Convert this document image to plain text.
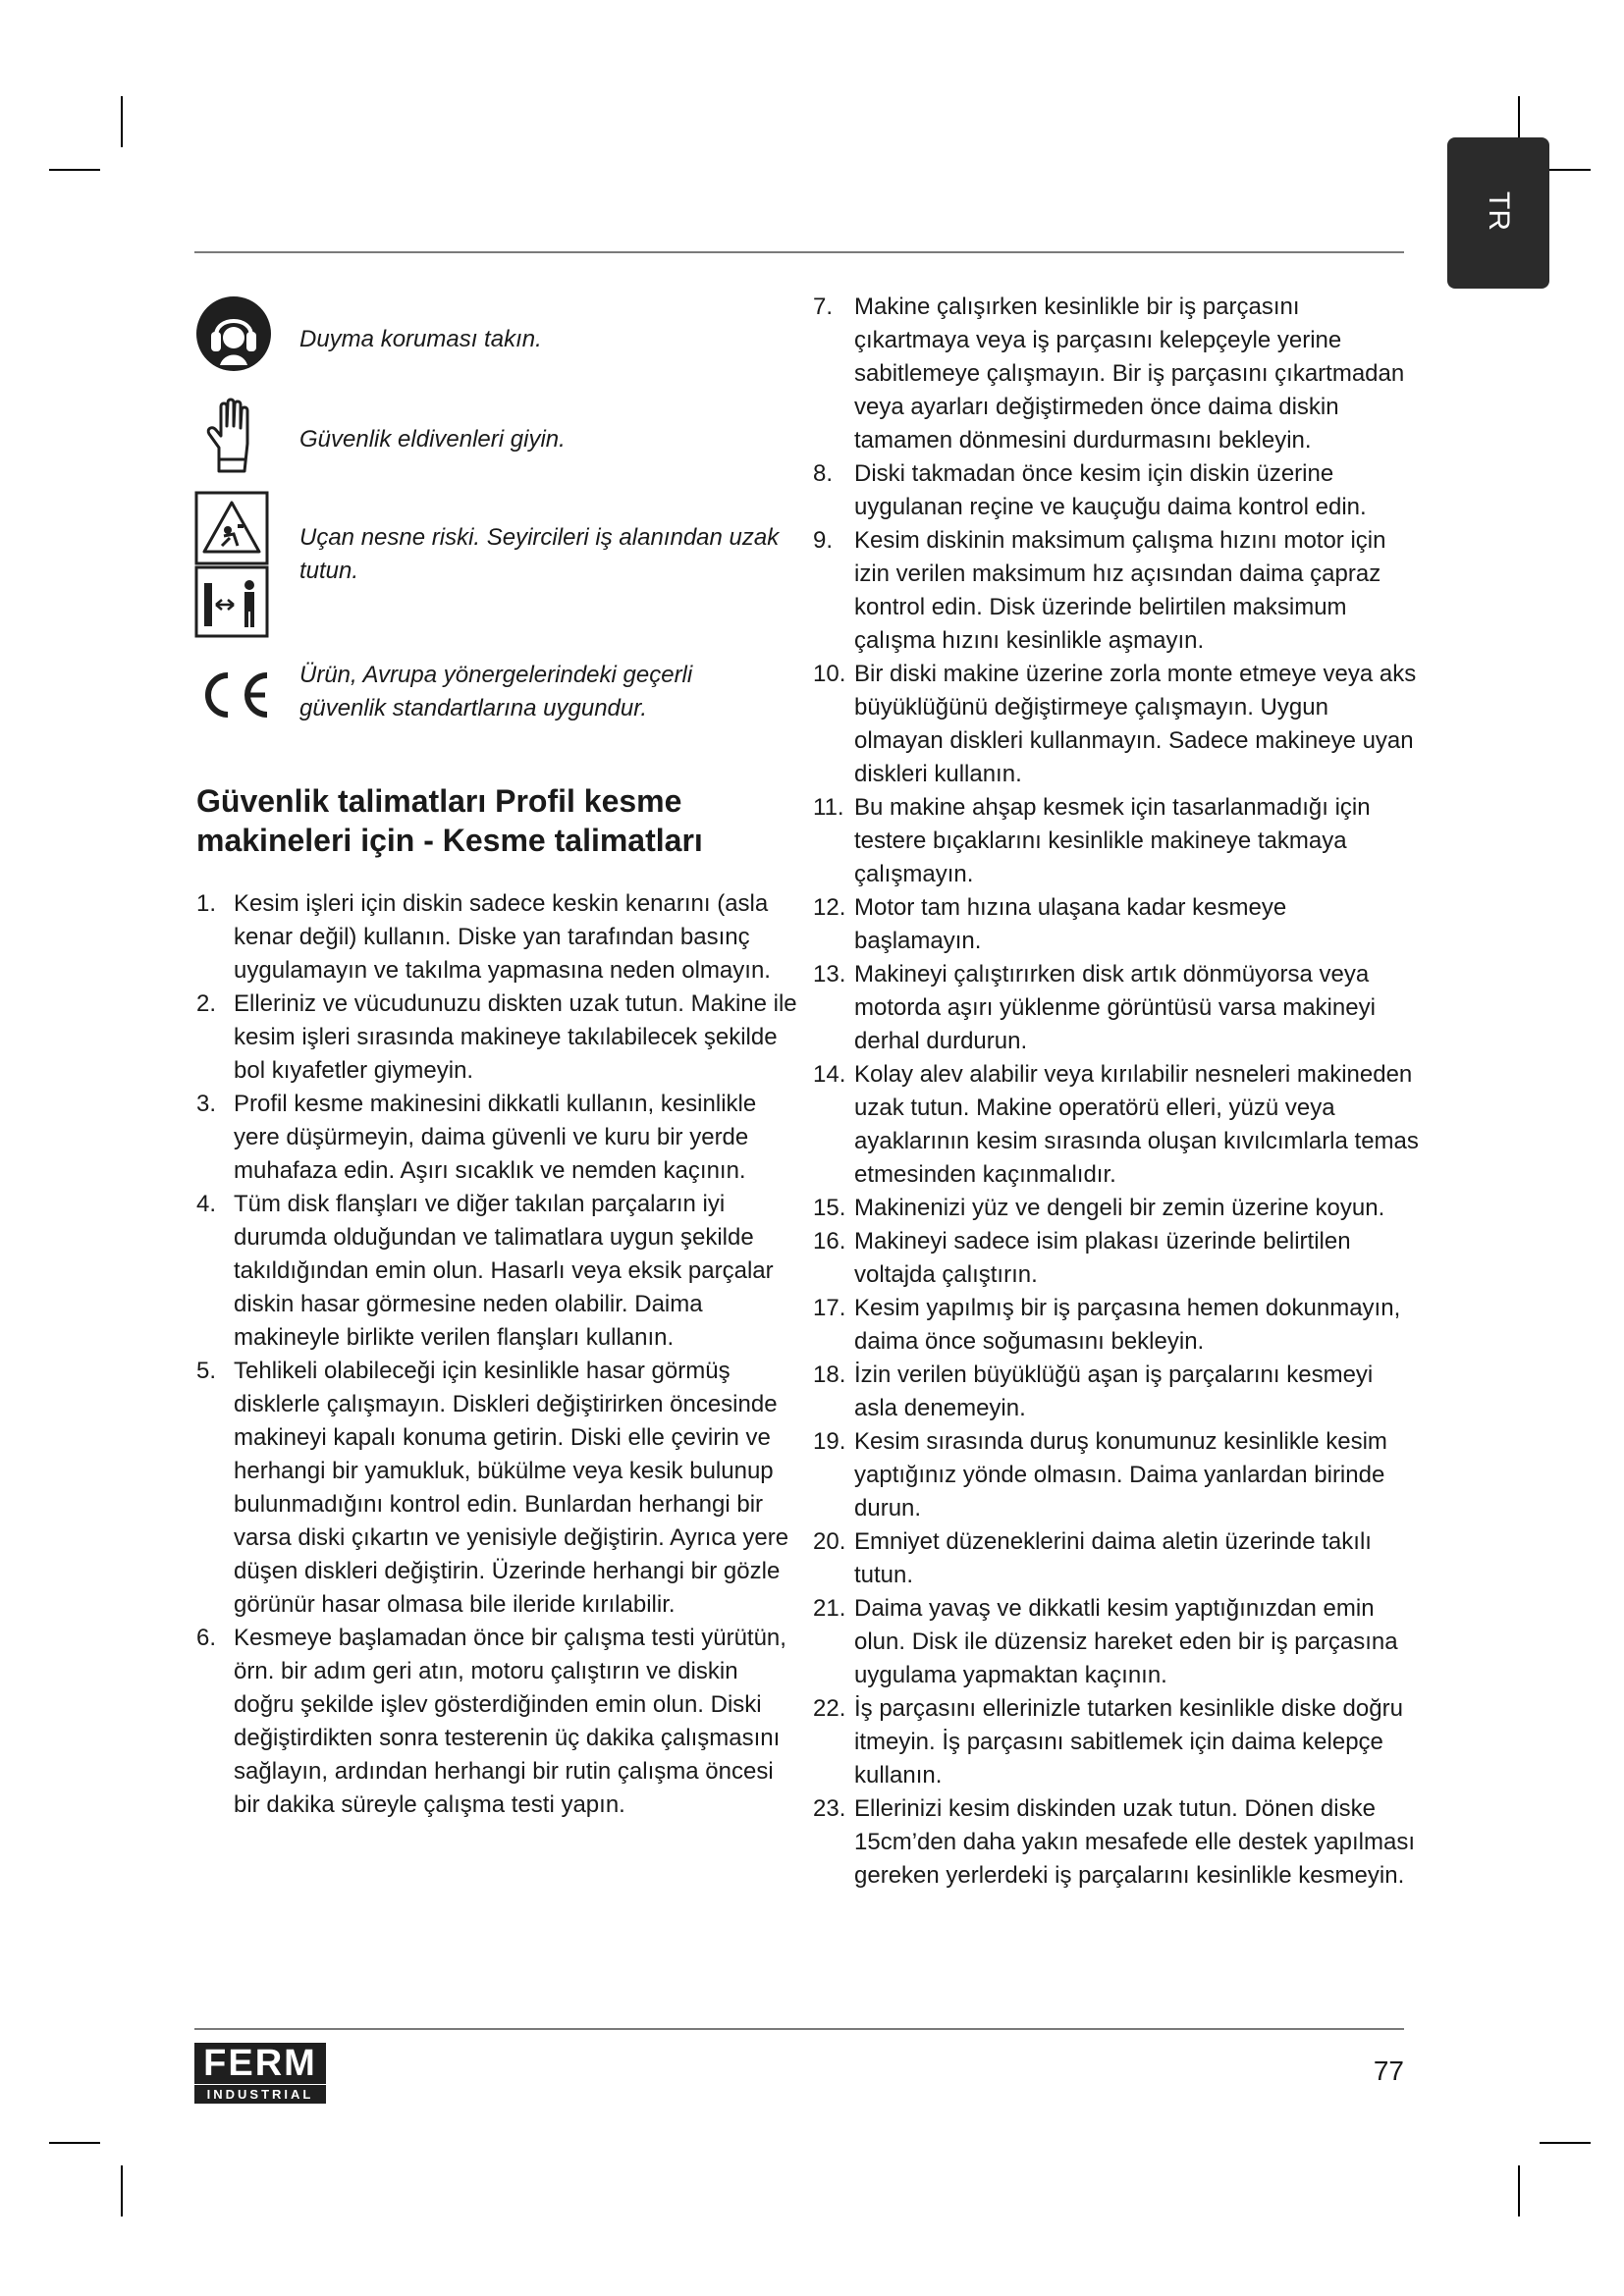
TR
Duyma koruması takın.
Güvenlik eldivenleri giyin.
Uçan nesne riski. Seyircileri iş alanından uzak tutun.
Ürün, Avrupa yönergelerindeki geçerli güvenlik standartlarına uygundur.
Güvenlik talimatları Profil kesme makineleri için - Kesme talimatları
1. Kesim işleri için diskin sadece keskin kenarını (asla kenar değil) kullanın. Diske yan tarafından basınç uygulamayın ve takılma yapmasına neden olmayın.
2. Elleriniz ve vücudunuzu diskten uzak tutun. Makine ile kesim işleri sırasında makineye takılabilecek şekilde bol kıyafetler giymeyin.
3. Profil kesme makinesini dikkatli kullanın, kesinlikle yere düşürmeyin, daima güvenli ve kuru bir yerde muhafaza edin. Aşırı sıcaklık ve nemden kaçının.
4. Tüm disk flanşları ve diğer takılan parçaların iyi durumda olduğundan ve talimatlara uygun şekilde takıldığından emin olun. Hasarlı veya eksik parçalar diskin hasar görmesine neden olabilir. Daima makineyle birlikte verilen flanşları kullanın.
5. Tehlikeli olabileceği için kesinlikle hasar görmüş disklerle çalışmayın. Diskleri değiştirirken öncesinde makineyi kapalı konuma getirin. Diski elle çevirin ve herhangi bir yamukluk, bükülme veya kesik bulunup bulunmadığını kontrol edin. Bunlardan herhangi bir varsa diski çıkartın ve yenisiyle değiştirin. Ayrıca yere düşen diskleri değiştirin. Üzerinde herhangi bir gözle görünür hasar olmasa bile ileride kırılabilir.
6. Kesmeye başlamadan önce bir çalışma testi yürütün, örn. bir adım geri atın, motoru çalıştırın ve diskin doğru şekilde işlev gösterdiğinden emin olun. Diski değiştirdikten sonra testerenin üç dakika çalışmasını sağlayın, ardından herhangi bir rutin çalışma öncesi bir dakika süreyle çalışma testi yapın.
7. Makine çalışırken kesinlikle bir iş parçasını çıkartmaya veya iş parçasını kelepçeyle yerine sabitlemeye çalışmayın. Bir iş parçasını çıkartmadan veya ayarları değiştirmeden önce daima diskin tamamen dönmesini durdurmasını bekleyin.
8. Diski takmadan önce kesim için diskin üzerine uygulanan reçine ve kauçuğu daima kontrol edin.
9. Kesim diskinin maksimum çalışma hızını motor için izin verilen maksimum hız açısından daima çapraz kontrol edin. Disk üzerinde belirtilen maksimum çalışma hızını kesinlikle aşmayın.
10. Bir diski makine üzerine zorla monte etmeye veya aks büyüklüğünü değiştirmeye çalışmayın. Uygun olmayan diskleri kullanmayın. Sadece makineye uyan diskleri kullanın.
11. Bu makine ahşap kesmek için tasarlanmadığı için testere bıçaklarını kesinlikle makineye takmaya çalışmayın.
12. Motor tam hızına ulaşana kadar kesmeye başlamayın.
13. Makineyi çalıştırırken disk artık dönmüyorsa veya motorda aşırı yüklenme görüntüsü varsa makineyi derhal durdurun.
14. Kolay alev alabilir veya kırılabilir nesneleri makineden uzak tutun. Makine operatörü elleri, yüzü veya ayaklarının kesim sırasında oluşan kıvılcımlarla temas etmesinden kaçınmalıdır.
15. Makinenizi yüz ve dengeli bir zemin üzerine koyun.
16. Makineyi sadece isim plakası üzerinde belirtilen voltajda çalıştırın.
17. Kesim yapılmış bir iş parçasına hemen dokunmayın, daima önce soğumasını bekleyin.
18. İzin verilen büyüklüğü aşan iş parçalarını kesmeyi asla denemeyin.
19. Kesim sırasında duruş konumunuz kesinlikle kesim yaptığınız yönde olmasın. Daima yanlardan birinde durun.
20. Emniyet düzeneklerini daima aletin üzerinde takılı tutun.
21. Daima yavaş ve dikkatli kesim yaptığınızdan emin olun. Disk ile düzensiz hareket eden bir iş parçasına uygulama yapmaktan kaçının.
22. İş parçasını ellerinizle tutarken kesinlikle diske doğru itmeyin. İş parçasını sabitlemek için daima kelepçe kullanın.
23. Ellerinizi kesim diskinden uzak tutun. Dönen diske 15cm’den daha yakın mesafede elle destek yapılması gereken yerlerdeki iş parçalarını kesinlikle kesmeyin.
FERM
INDUSTRIAL
77
